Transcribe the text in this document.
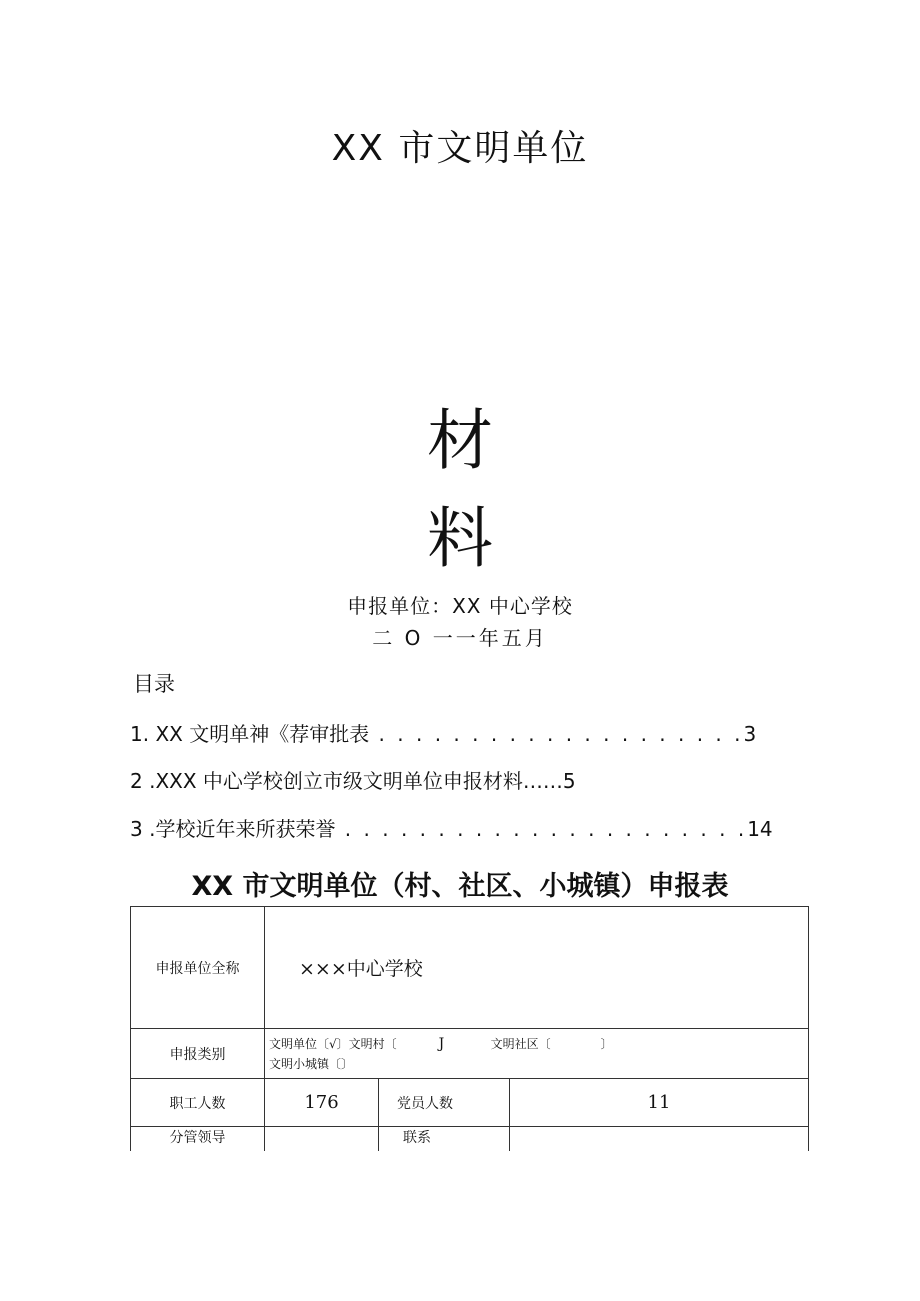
XX 市文明单位
材
料
申报单位：XX 中心学校
二 O 一一年五月
目录
1. XX 文明单神《荐审批表 . . . . . . . . . . . . . . . . . . . .3
2 .XXX 中心学校创立市级文明单位申报材料……5
3 .学校近年来所获荣誉 . . . . . . . . . . . . . . . . . . . . . .14
XX 市文明单位（村、社区、小城镇）申报表
申报单位全称	×××中心学校		
申报类别	文明单位〔√〕文明村〔 J 文明社区〔 〕
文明小城镇〔〕		

职工人数	176	党员人数	11
分管领导		联系	
